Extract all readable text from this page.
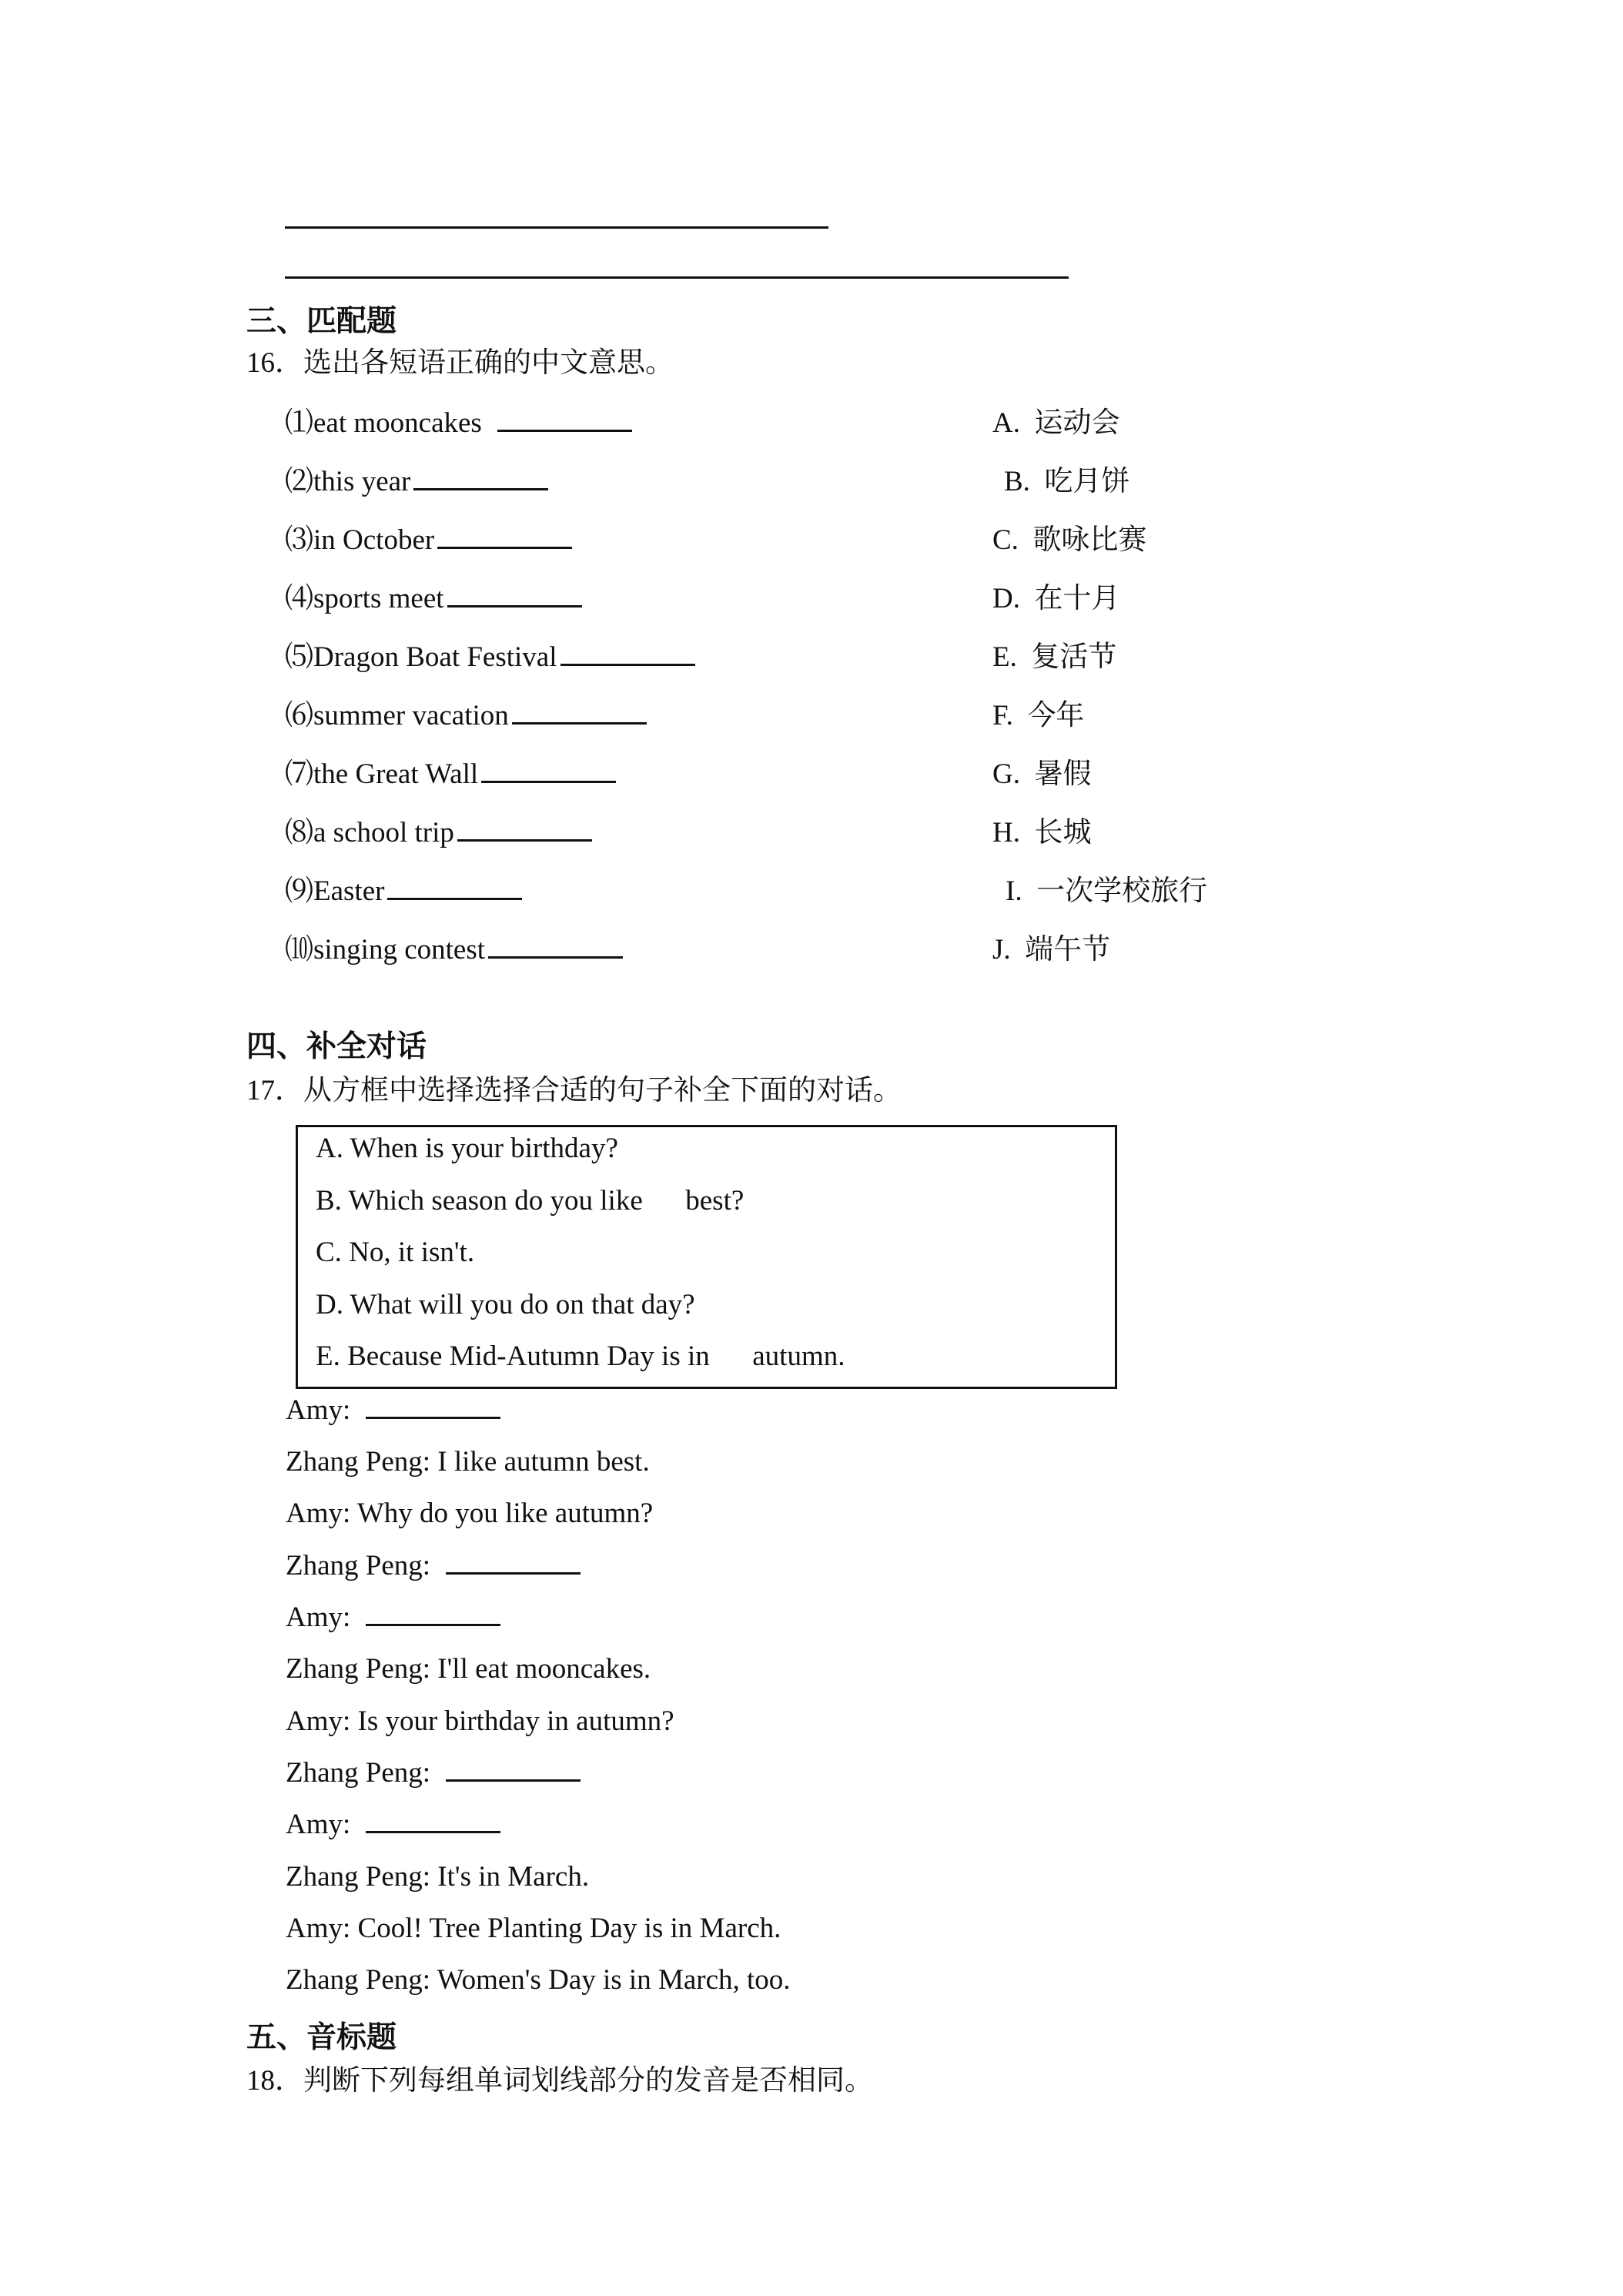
三、匹配题
16．选出各短语正确的中文意思。
⑴eat mooncakes
⑵this year
⑶in October
⑷sports meet
⑸Dragon Boat Festival
⑹summer vacation
⑺the Great Wall
⑻a school trip
⑼Easter
⑽singing contest
A. 运动会
B. 吃月饼
C. 歌咏比赛
D. 在十月
E. 复活节
F. 今年
G. 暑假
H. 长城
I. 一次学校旅行
J. 端午节
四、补全对话
17．从方框中选择选择合适的句子补全下面的对话。
A. When is your birthday?
B. Which season do you like      best?
C. No, it isn't.
D. What will you do on that day?
E. Because Mid-Autumn Day is in      autumn.
Amy:
Zhang Peng: I like autumn best.
Amy: Why do you like autumn?
Zhang Peng:
Amy:
Zhang Peng: I'll eat mooncakes.
Amy: Is your birthday in autumn?
Zhang Peng:
Amy:
Zhang Peng: It's in March.
Amy: Cool! Tree Planting Day is in March.
Zhang Peng: Women's Day is in March, too.
五、音标题
18．判断下列每组单词划线部分的发音是否相同。
